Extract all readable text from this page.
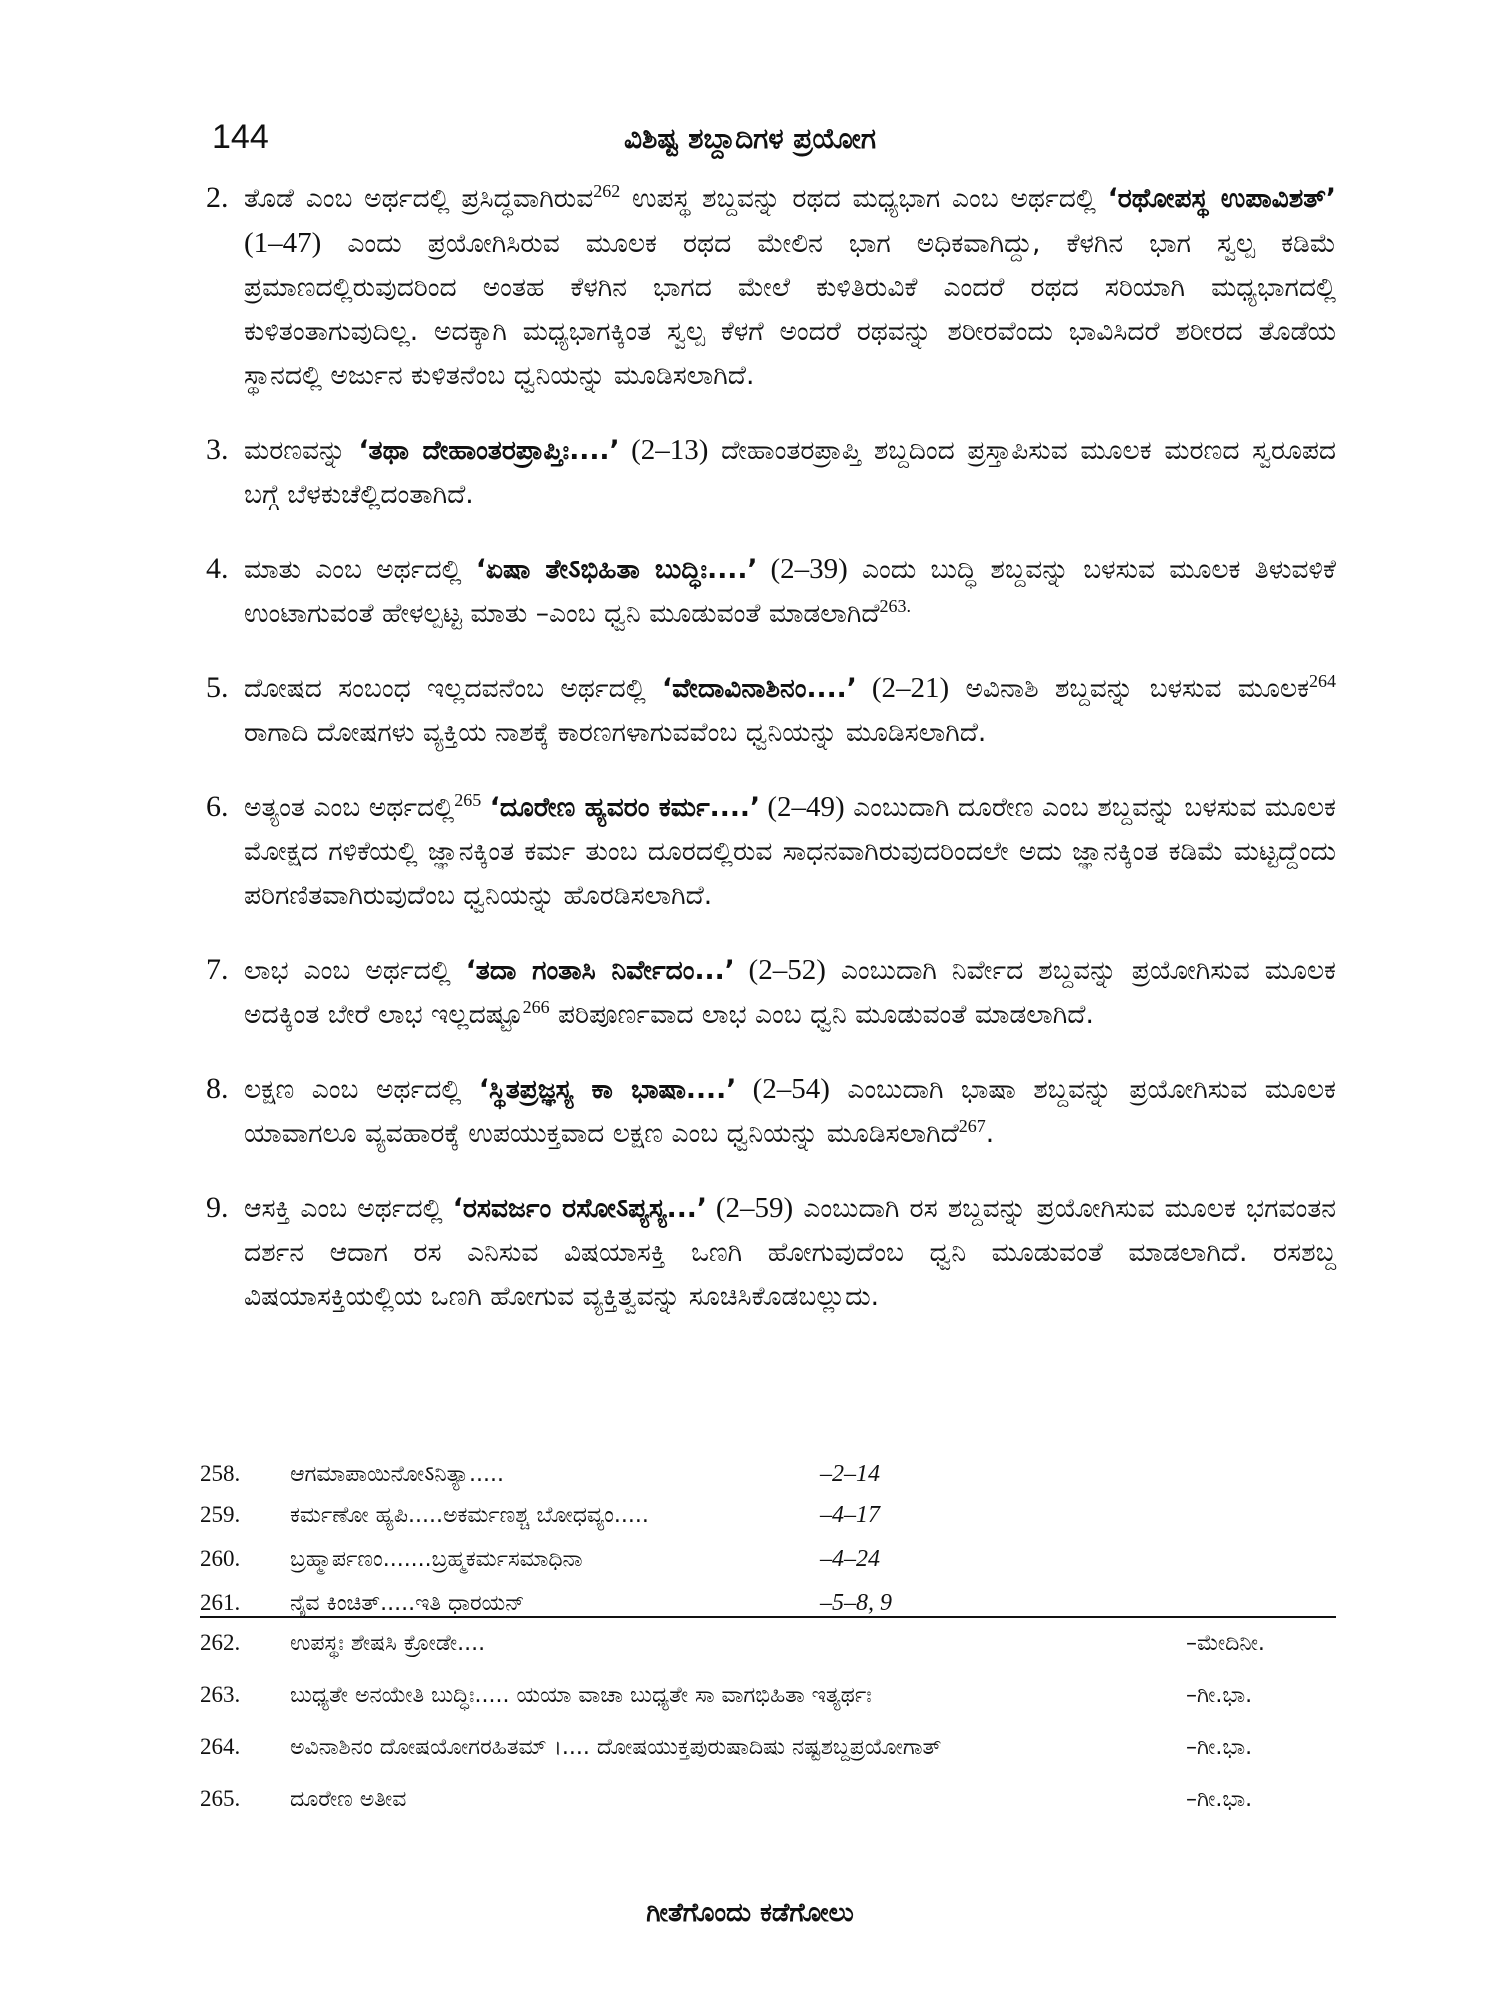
144	ವಿಶಿಷ್ಟ ಶಬ್ದಾದಿಗಳ ಪ್ರಯೋಗ
2. ತೊಡೆ ಎಂಬ ಅರ್ಥದಲ್ಲಿ ಪ್ರಸಿದ್ಧವಾಗಿರುವ$^{262}$ ಉಪಸ್ಥ ಶಬ್ದವನ್ನು ರಥದ ಮಧ್ಯಭಾಗ ಎಂಬ ಅರ್ಥದಲ್ಲಿ ‘ರಥೋಪಸ್ಥ ಉಪಾವಿಶತ್’ (1–47) ಎಂದು ಪ್ರಯೋಗಿಸಿರುವ ಮೂಲಕ ರಥದ ಮೇಲಿನ ಭಾಗ ಅಧಿಕವಾಗಿದ್ದು, ಕೆಳಗಿನ ಭಾಗ ಸ್ವಲ್ಪ ಕಡಿಮೆ ಪ್ರಮಾಣದಲ್ಲಿರುವುದರಿಂದ ಅಂತಹ ಕೆಳಗಿನ ಭಾಗದ ಮೇಲೆ ಕುಳಿತಿರುವಿಕೆ ಎಂದರೆ ರಥದ ಸರಿಯಾಗಿ ಮಧ್ಯಭಾಗದಲ್ಲಿ ಕುಳಿತಂತಾಗುವುದಿಲ್ಲ. ಅದಕ್ಕಾಗಿ ಮಧ್ಯಭಾಗಕ್ಕಿಂತ ಸ್ವಲ್ಪ ಕೆಳಗೆ ಅಂದರೆ ರಥವನ್ನು ಶರೀರವೆಂದು ಭಾವಿಸಿದರೆ ಶರೀರದ ತೊಡೆಯ ಸ್ಥಾನದಲ್ಲಿ ಅರ್ಜುನ ಕುಳಿತನೆಂಬ ಧ್ವನಿಯನ್ನು ಮೂಡಿಸಲಾಗಿದೆ.
3. ಮರಣವನ್ನು ‘ತಥಾ ದೇಹಾಂತರಪ್ರಾಪ್ತಿಃ....’ (2–13) ದೇಹಾಂತರಪ್ರಾಪ್ತಿ ಶಬ್ದದಿಂದ ಪ್ರಸ್ತಾಪಿಸುವ ಮೂಲಕ ಮರಣದ ಸ್ವರೂಪದ ಬಗ್ಗೆ ಬೆಳಕುಚೆಲ್ಲಿದಂತಾಗಿದೆ.
4. ಮಾತು ಎಂಬ ಅರ್ಥದಲ್ಲಿ ‘ಏಷಾ ತೇऽಭಿಹಿತಾ ಬುದ್ಧಿಃ....’ (2–39) ಎಂದು ಬುದ್ಧಿ ಶಬ್ದವನ್ನು ಬಳಸುವ ಮೂಲಕ ತಿಳುವಳಿಕೆ ಉಂಟಾಗುವಂತೆ ಹೇಳಲ್ಪಟ್ಟ ಮಾತು –ಎಂಬ ಧ್ವನಿ ಮೂಡುವಂತೆ ಮಾಡಲಾಗಿದೆ$^{263.}$
5. ದೋಷದ ಸಂಬಂಧ ಇಲ್ಲದವನೆಂಬ ಅರ್ಥದಲ್ಲಿ ‘ವೇದಾವಿನಾಶಿನಂ....’ (2–21) ಅವಿನಾಶಿ ಶಬ್ದವನ್ನು ಬಳಸುವ ಮೂಲಕ$^{264}$ ರಾಗಾದಿ ದೋಷಗಳು ವ್ಯಕ್ತಿಯ ನಾಶಕ್ಕೆ ಕಾರಣಗಳಾಗುವವೆಂಬ ಧ್ವನಿಯನ್ನು ಮೂಡಿಸಲಾಗಿದೆ.
6. ಅತ್ಯಂತ ಎಂಬ ಅರ್ಥದಲ್ಲಿ$^{265}$ ‘ದೂರೇಣ ಹ್ಯವರಂ ಕರ್ಮ....’ (2–49) ಎಂಬುದಾಗಿ ದೂರೇಣ ಎಂಬ ಶಬ್ದವನ್ನು ಬಳಸುವ ಮೂಲಕ ಮೋಕ್ಷದ ಗಳಿಕೆಯಲ್ಲಿ ಜ್ಞಾನಕ್ಕಿಂತ ಕರ್ಮ ತುಂಬ ದೂರದಲ್ಲಿರುವ ಸಾಧನವಾಗಿರುವುದರಿಂದಲೇ ಅದು ಜ್ಞಾನಕ್ಕಿಂತ ಕಡಿಮೆ ಮಟ್ಟದ್ದೆಂದು ಪರಿಗಣಿತವಾಗಿರುವುದೆಂಬ ಧ್ವನಿಯನ್ನು ಹೊರಡಿಸಲಾಗಿದೆ.
7. ಲಾಭ ಎಂಬ ಅರ್ಥದಲ್ಲಿ ‘ತದಾ ಗಂತಾಸಿ ನಿರ್ವೇದಂ...’ (2–52) ಎಂಬುದಾಗಿ ನಿರ್ವೇದ ಶಬ್ದವನ್ನು ಪ್ರಯೋಗಿಸುವ ಮೂಲಕ ಅದಕ್ಕಿಂತ ಬೇರೆ ಲಾಭ ಇಲ್ಲದಷ್ಟೂ$^{266}$ ಪರಿಪೂರ್ಣವಾದ ಲಾಭ ಎಂಬ ಧ್ವನಿ ಮೂಡುವಂತೆ ಮಾಡಲಾಗಿದೆ.
8. ಲಕ್ಷಣ ಎಂಬ ಅರ್ಥದಲ್ಲಿ ‘ಸ್ಥಿತಪ್ರಜ್ಞಸ್ಯ ಕಾ ಭಾಷಾ....’ (2–54) ಎಂಬುದಾಗಿ ಭಾಷಾ ಶಬ್ದವನ್ನು ಪ್ರಯೋಗಿಸುವ ಮೂಲಕ ಯಾವಾಗಲೂ ವ್ಯವಹಾರಕ್ಕೆ ಉಪಯುಕ್ತವಾದ ಲಕ್ಷಣ ಎಂಬ ಧ್ವನಿಯನ್ನು ಮೂಡಿಸಲಾಗಿದೆ$^{267}$.
9. ಆಸಕ್ತಿ ಎಂಬ ಅರ್ಥದಲ್ಲಿ ‘ರಸವರ್ಜಂ ರಸೋऽಪ್ಯಸ್ಯ...’ (2–59) ಎಂಬುದಾಗಿ ರಸ ಶಬ್ದವನ್ನು ಪ್ರಯೋಗಿಸುವ ಮೂಲಕ ಭಗವಂತನ ದರ್ಶನ ಆದಾಗ ರಸ ಎನಿಸುವ ವಿಷಯಾಸಕ್ತಿ ಒಣಗಿ ಹೋಗುವುದೆಂಬ ಧ್ವನಿ ಮೂಡುವಂತೆ ಮಾಡಲಾಗಿದೆ. ರಸಶಬ್ದ ವಿಷಯಾಸಕ್ತಿಯಲ್ಲಿಯ ಒಣಗಿ ಹೋಗುವ ವ್ಯಕ್ತಿತ್ವವನ್ನು ಸೂಚಿಸಿಕೊಡಬಲ್ಲುದು.
258.	ಆಗಮಾಪಾಯಿನೋऽನಿತ್ಯಾ.....	–2–14
259.	ಕರ್ಮಣೋ ಹ್ಯಪಿ.....ಅಕರ್ಮಣಶ್ಚ ಬೋಧವ್ಯಂ.....	–4–17
260.	ಬ್ರಹ್ಮಾರ್ಪಣಂ.......ಬ್ರಹ್ಮಕರ್ಮಸಮಾಧಿನಾ	–4–24
261.	ನೈವ ಕಿಂಚಿತ್.....ಇತಿ ಧಾರಯನ್	–5–8, 9
262.	ಉಪಸ್ಥಃ ಶೇಷಸಿ ಕ್ರೋಡೇ....	–ಮೇದಿನೀ.
263.	ಬುಧ್ಯತೇ ಅನಯೇತಿ ಬುದ್ಧಿಃ..... ಯಯಾ ವಾಚಾ ಬುಧ್ಯತೇ ಸಾ ವಾಗಭಿಹಿತಾ ಇತ್ಯರ್ಥಃ	–ಗೀ.ಭಾ.
264.	ಅವಿನಾಶಿನಂ ದೋಷಯೋಗರಹಿತಮ್ ।.... ದೋಷಯುಕ್ತಪುರುಷಾದಿಷು ನಷ್ಟಶಬ್ದಪ್ರಯೋಗಾತ್	–ಗೀ.ಭಾ.
265.	ದೂರೇಣ ಅತೀವ	–ಗೀ.ಭಾ.
ಗೀತೆಗೊಂದು ಕಡೆಗೋಲು
